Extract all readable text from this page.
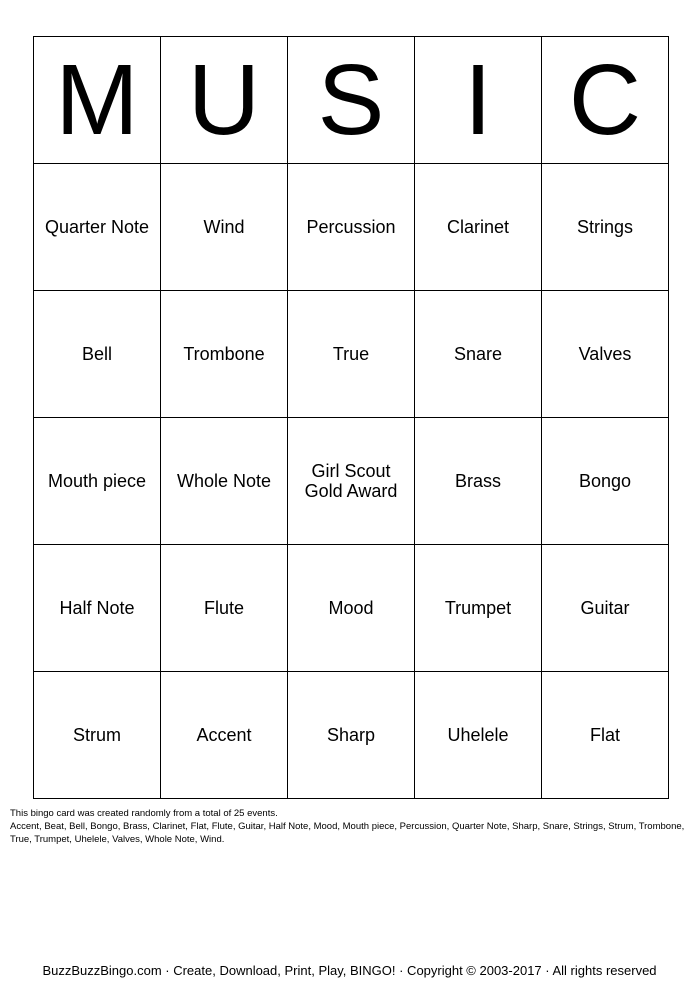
M	U	S	I	C
Quarter Note	Wind	Percussion	Clarinet	Strings
Bell	Trombone	True	Snare	Valves
Mouth piece	Whole Note	Girl Scout Gold Award	Brass	Bongo
Half Note	Flute	Mood	Trumpet	Guitar
Strum	Accent	Sharp	Uhelele	Flat

This bingo card was created randomly from a total of 25 events.

Accent, Beat, Bell, Bongo, Brass, Clarinet, Flat, Flute, Guitar, Half Note, Mood, Mouth piece, Percussion, Quarter Note, Sharp, Snare, Strings, Strum, Trombone, True, Trumpet, Uhelele, Valves, Whole Note, Wind.

BuzzBuzzBingo.com · Create, Download, Print, Play, BINGO! · Copyright © 2003-2017 · All rights reserved
